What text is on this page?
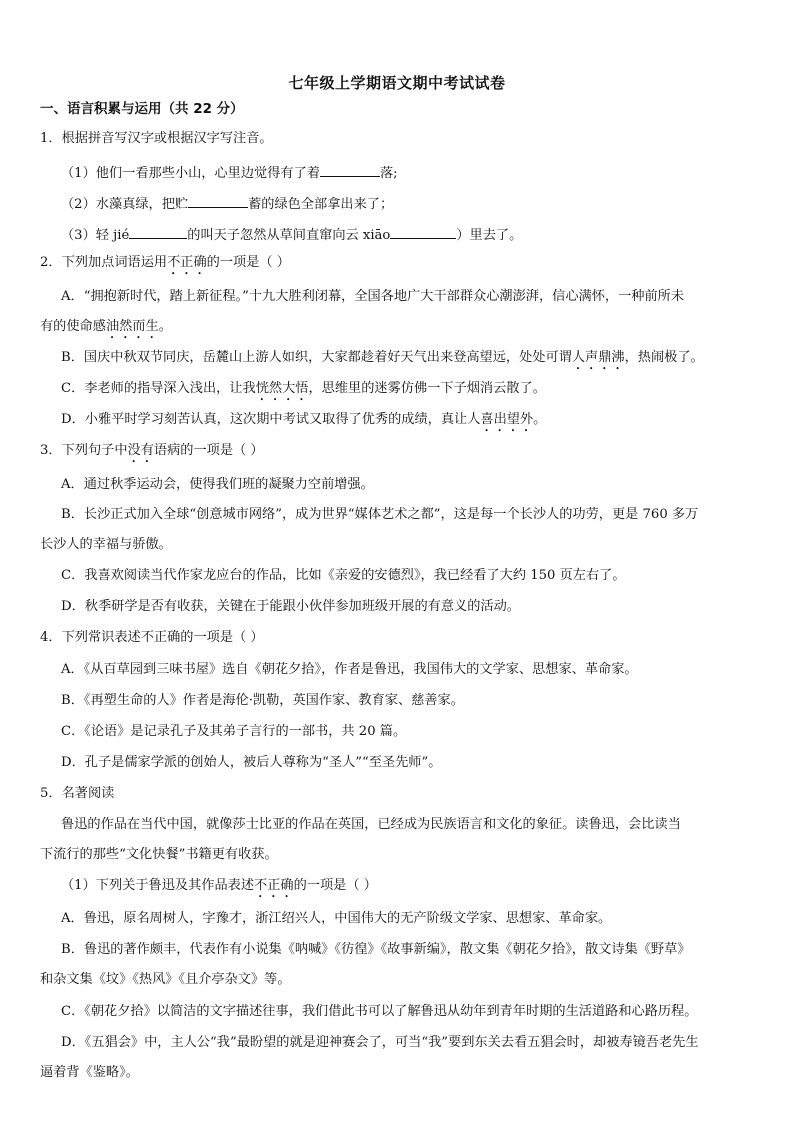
七年级上学期语文期中考试试卷
一、语言积累与运用（共 22 分）
1．根据拼音写汉字或根据汉字写注音。
（1）他们一看那些小山，心里边觉得有了着	落;
（2）水藻真绿，把贮	蓄的绿色全部拿出来了；
（3）轻 jié	的叫天子忽然从草间直窜向云 xiāo	）里去了。
2．下列加点词语运用不正确的一项是（ ）
A．“拥抱新时代，踏上新征程。”十九大胜利闭幕，全国各地广大干部群众心潮澎湃，信心满怀，一种前所未
有的使命感油然而生。
B．国庆中秋双节同庆，岳麓山上游人如织，大家都趁着好天气出来登高望远，处处可谓人声鼎沸，热闹极了。
C．李老师的指导深入浅出，让我恍然大悟，思维里的迷雾仿佛一下子烟消云散了。
D．小雅平时学习刻苦认真，这次期中考试又取得了优秀的成绩，真让人喜出望外。
3．下列句子中没有语病的一项是（ ）
A．通过秋季运动会，使得我们班的凝聚力空前增强。
B．长沙正式加入全球“创意城市网络”，成为世界“媒体艺术之都”，这是每一个长沙人的功劳，更是 760 多万
长沙人的幸福与骄傲。
C．我喜欢阅读当代作家龙应台的作品，比如《亲爱的安德烈》，我已经看了大约 150 页左右了。
D．秋季研学是否有收获，关键在于能跟小伙伴参加班级开展的有意义的活动。
4．下列常识表述不正确的一项是（ ）
A．《从百草园到三味书屋》选自《朝花夕拾》，作者是鲁迅，我国伟大的文学家、思想家、革命家。
B．《再塑生命的人》作者是海伦·凯勒，英国作家、教育家、慈善家。
C．《论语》是记录孔子及其弟子言行的一部书，共 20 篇。
D．孔子是儒家学派的创始人，被后人尊称为“圣人”“至圣先师”。
5．名著阅读
鲁迅的作品在当代中国，就像莎士比亚的作品在英国，已经成为民族语言和文化的象征。读鲁迅，会比读当
下流行的那些“文化快餐”书籍更有收获。
（1）下列关于鲁迅及其作品表述不正确的一项是（ ）
A．鲁迅，原名周树人，字豫才，浙江绍兴人，中国伟大的无产阶级文学家、思想家、革命家。
B．鲁迅的著作颇丰，代表作有小说集《呐喊》《彷徨》《故事新编》，散文集《朝花夕拾》，散文诗集《野草》
和杂文集《坟》《热风》《且介亭杂文》等。
C．《朝花夕拾》以简洁的文字描述往事，我们借此书可以了解鲁迅从幼年到青年时期的生活道路和心路历程。
D．《五猖会》中，主人公“我”最盼望的就是迎神赛会了，可当“我”要到东关去看五猖会时，却被寿镜吾老先生
逼着背《鉴略》。
